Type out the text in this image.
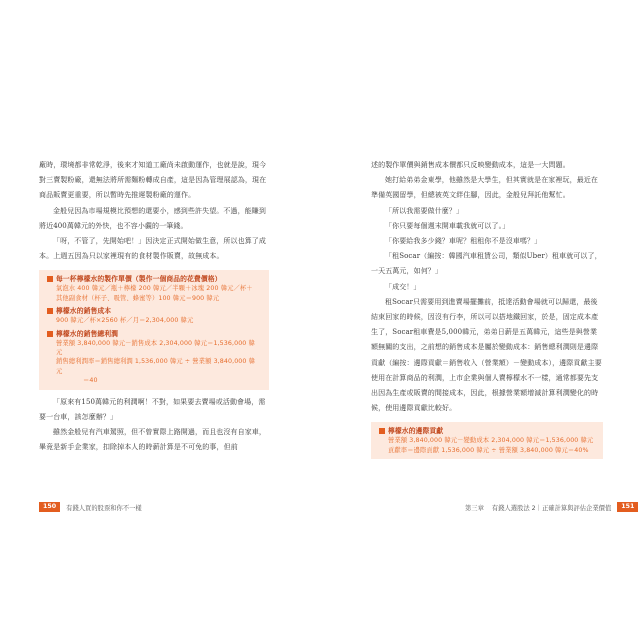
廠時，環境都非常乾淨，後來才知道工廠尚未啟動運作，也就是說，現今對三賣製粉廠，還無法將所需麵粉轉成自產，這是因為管理展認為，現在商品販賣更重要，所以暫時先推遲製粉廠的運作。

金般兒因為市場規模比預想的還要小，感到些許失望。不過，能賺到將近400萬韓元的外快，也不容小覷的一筆錢。

「呀，不管了，先開始吧！」因決定正式開始做生意，所以也算了成本。上週五因為只以家裡現有的食材製作販賣，故無成本。

每一杯檸檬水的製作單價（製作一個商品的花費價格）
氣泡水 400 韓元／瓶＋檸檬 200 韓元／半顆＋冰塊 200 韓元／杯＋
其他副食材（杯子、吸管、蜂蜜等）100 韓元＝900 韓元
檸檬水的銷售成本
900 韓元／杯×2560 杯／月＝2,304,000 韓元
檸檬水的銷售總利潤
營業額 3,840,000 韓元－銷售成本 2,304,000 韓元＝1,536,000 韓元
銷售總利潤率＝銷售總利潤 1,536,000 韓元 ÷ 營業額 3,840,000 韓元
＝40

「原來有150萬韓元的利潤啊！不對，如果要去賣場或活動會場，需要一台車，該怎麼辦？」

雖然金般兒有汽車駕照，但不曾實際上路開過，而且也沒有自家車，畢竟是新手企業家，扣除掉本人的時薪計算是不可免的事，但前

150	有錢人買的股票和你不一樣

述的製作單價與銷售成本價都只反映變動成本，這是一大問題。

她打給弟弟金東學，他雖然是大學生，但其實就是在家裡玩，最近在準備英國留學，但總被英文絆住腳，因此，金般兒拜託他幫忙。

「所以我需要做什麼？」

「你只要每個週末開車載我就可以了。」

「你要給我多少錢？車呢？租租你不是沒車嗎？」

「租Socar（編按：韓國汽車租賃公司，類似Uber）租車就可以了，一天五萬元，如何？」

「成交！」

租Socar只需要用到進賣場擺攤前，抵達活動會場就可以歸還，最後結束回家的時候，因沒有行李，所以可以搭地鐵回家，於是，固定成本產生了，Socar租車費是5,000韓元，弟弟日薪是五萬韓元，這些是與營業額無關的支出，之前想的銷售成本是屬於變動成本：銷售總利潤則是邊際貢獻（編按：邊際貢獻＝銷售收入（營業額）－變動成本），邊際貢獻主要使用在計算商品的利潤，上市企業與個人賣檸檬水不一樣，通常都要先支出因為生產或販賣的間接成本，因此，根據營業額增減計算利潤變化的時候，使用邊際貢獻比較好。

檸檬水的邊際貢獻
營業額 3,840,000 韓元－變動成本 2,304,000 韓元＝1,536,000 韓元
貢獻率＝邊際貢獻 1,536,000 韓元 ÷ 營業額 3,840,000 韓元＝40%
第三章 有錢人選股法 2｜正確計算與評估企業價值	151
